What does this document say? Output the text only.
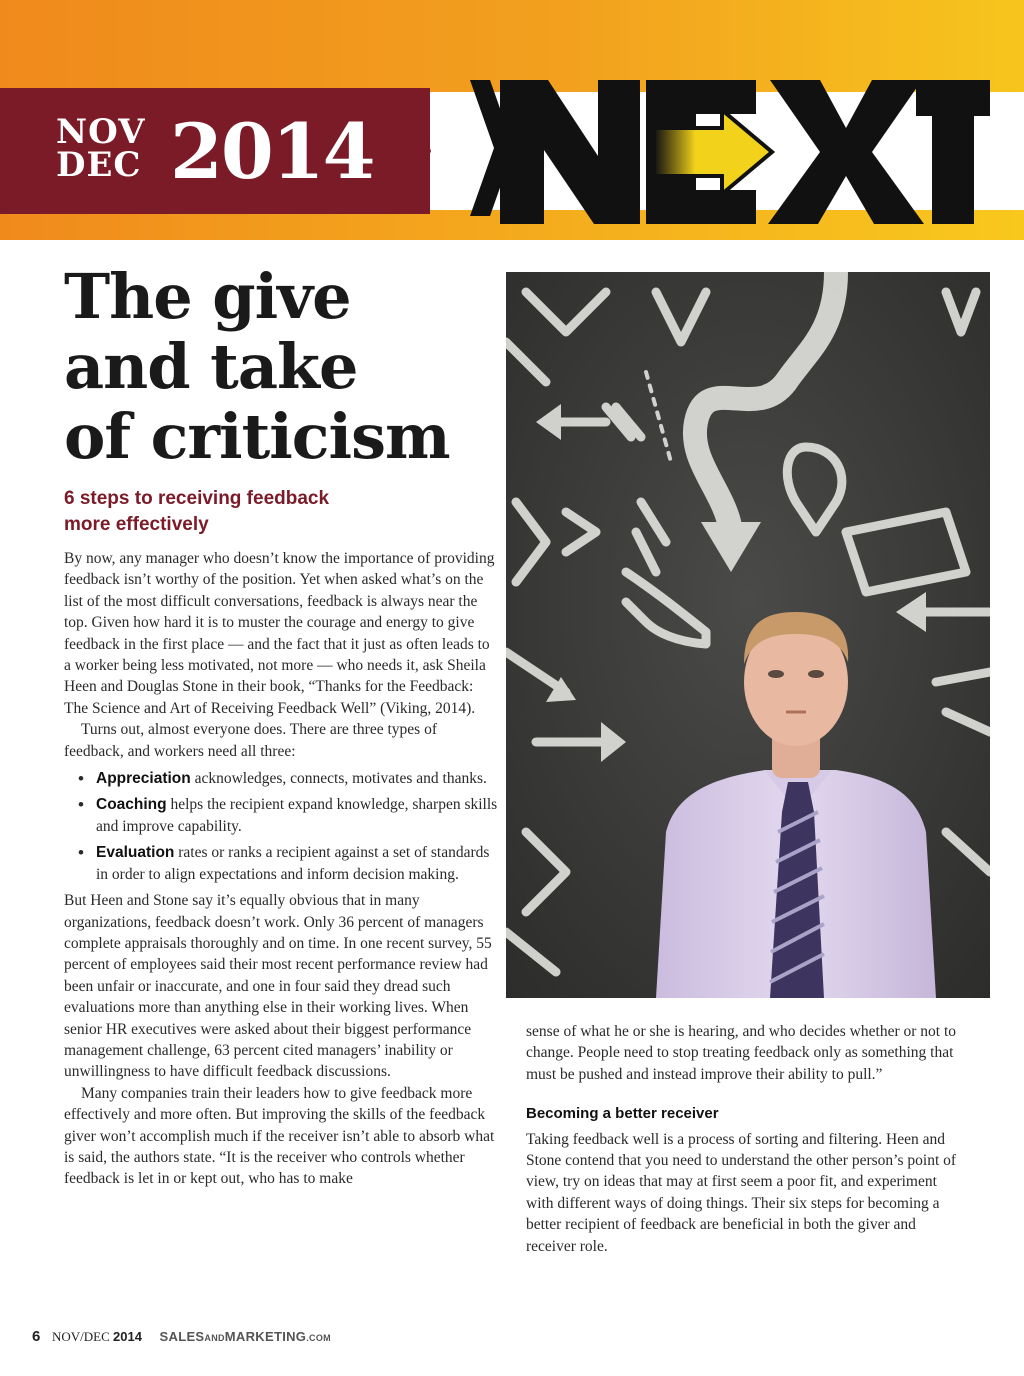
NOV
DEC 2014
The give
and take
of criticism
6 steps to receiving feedback
more effectively

By now, any manager who doesn’t know the importance of providing feedback isn’t worthy of the position. Yet when asked what’s on the list of the most difficult conversations, feedback is always near the top. Given how hard it is to muster the courage and energy to give feedback in the first place — and the fact that it just as often leads to a worker being less motivated, not more — who needs it, ask Sheila Heen and Douglas Stone in their book, “Thanks for the Feedback: The Science and Art of Receiving Feedback Well” (Viking, 2014).

Turns out, almost everyone does. There are three types of feedback, and workers need all three:

• Appreciation acknowledges, connects, motivates and thanks.
• Coaching helps the recipient expand knowledge, sharpen skills and improve capability.
• Evaluation rates or ranks a recipient against a set of standards in order to align expectations and inform decision making.

But Heen and Stone say it’s equally obvious that in many organizations, feedback doesn’t work. Only 36 percent of managers complete appraisals thoroughly and on time. In one recent survey, 55 percent of employees said their most recent performance review had been unfair or inaccurate, and one in four said they dread such evaluations more than anything else in their working lives. When senior HR executives were asked about their biggest performance management challenge, 63 percent cited managers’ inability or unwillingness to have difficult feedback discussions.

Many companies train their leaders how to give feedback more effectively and more often. But improving the skills of the feedback giver won’t accomplish much if the receiver isn’t able to absorb what is said, the authors state. “It is the receiver who controls whether feedback is let in or kept out, who has to make

sense of what he or she is hearing, and who decides whether or not to change. People need to stop treating feedback only as something that must be pushed and instead improve their ability to pull.”

Becoming a better receiver

Taking feedback well is a process of sorting and filtering. Heen and Stone contend that you need to understand the other person’s point of view, try on ideas that may at first seem a poor fit, and experiment with different ways of doing things. Their six steps for becoming a better recipient of feedback are beneficial in both the giver and receiver role.

6 NOV/DEC 2014 SALESANDMARKETING.COM
